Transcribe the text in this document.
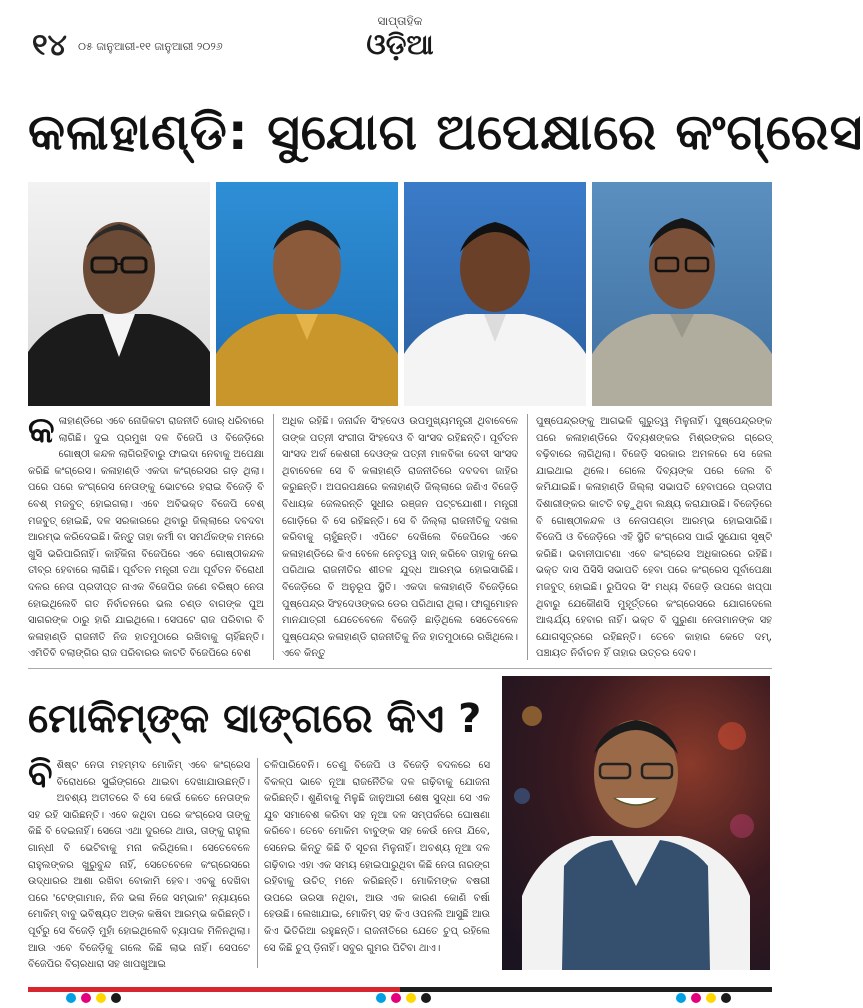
୧୪ ୦୫ ଜାନୁଆରୀ-୧୧ ଜାନୁଆରୀ ୨୦୨୬
ସାପ୍ତାହିକ
ଓଡ଼ିଆ
କଳାହାଣ୍ଡି: ସୁଯୋଗ ଅପେକ୍ଷାରେ କଂଗ୍ରେସ
କ ଳାହାଣ୍ଡିରେ ଏବେ ନୋଜିକଟା ରାଜନୀତି ଜୋର୍ ଧରିବାରେ ଲାଗିଛି। ଦୁଇ ପ୍ରମୁଖ ଦଳ ବିଜେପି ଓ ବିଜେଡ଼ିରେ ଗୋଷ୍ଠୀ କନ୍ଦଳ ଲାଗିରହିବାରୁ ଫାଇଦା ନେବାକୁ ଅପେକ୍ଷା କରିଛି କଂଗ୍ରେସ। କଳାହାଣ୍ଡି ଏକଦା କଂଗ୍ରେସର ଗଡ଼ ଥିଲା। ପରେ ପରେ କଂଗ୍ରେସ ନେତାଙ୍କୁ ଭୋଟରେ ହରାଇ ବିଜେଡ଼ି ବି ବେଶ୍ ମଜବୁତ୍ ହୋଇଗଲା। ଏବେ ଅବିଭକ୍ତ ବିଜେପି ବେଶ୍ ମଜବୁତ୍ ହୋଇଛି, ଦଳ ସରକାରରେ ଥିବାରୁ ଜିଲ୍ଲାରେ ଦବଦବା ଆରମ୍ଭ କରିଦେଇଛି। କିନ୍ତୁ ତାହା କର୍ମୀ ବା ସମର୍ଥକଙ୍କ ମନରେ ଖୁସି ଭରିପାରିନାହିଁ। କାହିଁକିନା ବିଜେପିରେ ଏବେ ଗୋଷ୍ଠୀକନ୍ଦଳ ତୀବ୍ର ହେବାରେ ଲାଗିଛି। ପୂର୍ବତନ ମନ୍ତ୍ରୀ ତଥା ପୂର୍ବତନ ବିରୋଧୀ ଦଳର ନେତା ପ୍ରଦୀପ୍ତ ନାଏକ ବିଜେପିର ଜଣେ ବରିଷ୍ଠ ନେତା ହୋଇଥିଲେବି ଗତ ନିର୍ବାଚନରେ ଭଲ ଚଣ୍ଡ ବାଗଙ୍କ ପୁଅ ସାଗରଙ୍କ ଠାରୁ ହାରି ଯାଇଥିଲେ। ସେପଟେ ରାଜ ପରିବାର ବି କଳାହାଣ୍ଡି ରାଜନୀତି ନିଜ ହାତମୁଠାରେ ରଖିବାକୁ ଚାହିଁଛନ୍ତି। ଏମିତିବି ବଲାଙ୍ଗିର ରାଜ ପରିବାରର କାଟତି ବିଜେପିରେ ବେଶ
ଅଧିକ ରହିଛି। ଜନାର୍ଦ୍ଦନ ସିଂହଦେଓ ଉପମୁଖ୍ୟମନ୍ତ୍ରୀ ଥିବାବେଳେ ତାଙ୍କ ପତ୍ନୀ ସଂଗୀତା ସିଂହଦେଓ ବି ସାଂସଦ ରହିଛନ୍ତି। ପୂର୍ବତନ ସାଂସଦ ଅର୍କ କେଶରୀ ଦେଓଙ୍କ ପତ୍ନୀ ମାଳବିକା ଦେବୀ ସାଂସଦ ଥିବାବେଳେ ସେ ବି କଳାହାଣ୍ଡି ରାଜନୀତିରେ ଦବଦବା ଜାହିର କରୁଛନ୍ତି। ଅପରପକ୍ଷରେ କଳାହାଣ୍ଡି ଜିଲ୍ଲାରେ ଜଣିଏ ବିଜେଡ଼ି ବିଧାୟକ ଜେଲରନ୍ତି ସୁଧୀର ରଞ୍ଜନ ପଟ୍ଟଯୋଶୀ। ମନ୍ତ୍ରୀ ଗୋଡ଼ିରେ ବି ସେ ରହିଛନ୍ତି। ସେ ବି ଜିଲ୍ଲା ରାଜନୀତିକୁ ଦଖଲ କରିବାକୁ ଚାହୁଁଛନ୍ତି। ଏପିଟେ ଦେଖିଲେ ବିଜେପିରେ ଏବେ କଳାହାଣ୍ଡିରେ କିଏ ବେଳେ ନେତୃତ୍ୱ ଦାନ୍ କରିବେ ତାହାକୁ ନେଇ ପରିଥାଇ ରାଜନୀତିର ଶୀତଳ ଯୁଦ୍ଧ ଆରମ୍ଭ ହୋଇସାରିଛି। ବିଜେଡ଼ିରେ ବି ଅନୁରୂପ ସ୍ଥିତି। ଏକଦା କଳାହାଣ୍ଡି ବିଜେଡ଼ିରେ ପୁଷ୍ପେନ୍ଦ୍ର ସିଂହଦେଓଙ୍କର ଡେର ପରିଥାରା ଥିଲା। ଫାଗୁମୋହନ ମାନଯାତ୍ରୀ ଯେତେବେଳେ ବିଜେଡ଼ି ଛାଡ଼ିଥିଲେ ସେତେବେଳେ ପୁଷ୍ପେନ୍ଦ୍ର କଳାହାଣ୍ଡି ରାଜନୀତିକୁ ନିଜ ହାତମୁଠାରେ ରଖିଥିଲେ। ଏବେ କିନ୍ତୁ
ପୁଷ୍ପେନ୍ଦ୍ରଙ୍କୁ ଆଗଭଳି ଗୁରୁତ୍ୱ ମିଳୁନାହିଁ। ପୁଷ୍ପେନ୍ଦ୍ରଙ୍କ ପରେ କଳାହାଣ୍ଡିରେ ଦିବ୍ୟଶଙ୍କର ମିଶ୍ରଙ୍କର ଗ୍ରେଡ୍ ବଢ଼ିବାରେ ଲାଗିଥିଲା। ବିଜେଡ଼ି ସରକାର ଅମଳରେ ସେ ଜେଲ ଯାଇଥାଇ ଥିଲେ। ଗେଲେ ଦିବ୍ୟଙ୍କ ପରେ ଜେଲ ବି କମିଯାଇଛି। କଳାହାଣ୍ଡି ଜିଲ୍ଲା ସଭାପତି ହେବାପରେ ପ୍ରଦୀପ ଦିଶାରୀଙ୍କର କାଟତି ବଢ଼ୁଥିବା ଲକ୍ଷ୍ୟ କରାଯାଉଛି। ବିଜେଡ଼ିରେ ବି ଗୋଷ୍ଠୀକନ୍ଦଳ ଓ ନେତାପଣ୍ଡା ଆରମ୍ଭ ହୋଇସାରିଛି। ବିଜେପି ଓ ବିଜେଡ଼ିରେ ଏହି ସ୍ଥିତି କଂଗ୍ରେସ ପାଇଁ ସୁଯୋଗ ସୃଷ୍ଟି କରିଛି। ଭବାନୀପାଟଣା ଏବେ କଂଗ୍ରେସ ଅଧିକାରରେ ରହିଛି। ଭକ୍ତ ଦାସ ପିସିସି ସଭାପତି ହେବା ପରେ କଂଗ୍ରେସ ପୂର୍ବାପେକ୍ଷା ମଜବୁତ୍ ହୋଇଛି। ରୁପିଦର ସିଂ ମଧ୍ୟ ବିଜେଡ଼ି ଉପରେ ଖପ୍ପା ଥିବାରୁ ଯେକୌଣସି ମୁହୂର୍ତ୍ତରେ କଂଗ୍ରେସରେ ଯୋଗଦେଲେ ଆଶ୍ଚର୍ଯ୍ୟ ହେବାର ନାହିଁ। ଭକ୍ତ ବି ପୁରୁଣା ନେତାମାନଙ୍କ ସହ ଯୋଗସୂତ୍ରରେ ରହିଛନ୍ତି। ତେବେ କାହାର କେତେ ଦମ୍, ପଞ୍ଚାୟତ ନିର୍ବାଚନ ହିଁ ତାହାର ଉତ୍ତର ଦେବ।
ମୋକିମ୍‌ଙ୍କ ସାଙ୍ଗରେ କିଏ ?
ବି ଶିଷ୍ଟ ନେତା ମହମ୍ମଦ ମୋକିମ୍ ଏବେ କଂଗ୍ରେସ ବିରୋଧରେ ସୁଇଁଙ୍ଗରେ ଥାଇବା ଦେଖାଯାଉଛନ୍ତି। ଅବଶ୍ୟ ଅତୀତରେ ବି ସେ କେଉଁ କେତେ ନେତାଙ୍କ ସହ ରହି ସାରିଛନ୍ତି। ଏବେ କଥିବା ପରେ କଂଗ୍ରେସ ତାଙ୍କୁ କିଛି ବି ଦେଇନାହିଁ। ସେତୋ ଏଥା ଦୁରରେ ଥାଉ, ତାଙ୍କୁ ରାହୁଲ ଗାନ୍ଧୀ ବି ଭେଟିବାକୁ ମନା କରିଥିଲେ। ସେତେବେଳେ ରାହୁଲଙ୍କର ଖୁରୁବୁନ୍ଦ ନାହିଁ, ସେତେବେଳେ କଂଗ୍ରେସରେ ଉଦ୍ଧାରର ଆଶା ରଖିବା ବୋକାମି ହେବ। ଏବକୁ ଦେଖିବା ପରେ 'ଟେଙ୍ଗାମାନ, ନିଜ ଭଳା ନିଜେ ସମ୍ଭାଳ' ନ୍ୟାୟରେ ମୋକିମ୍ ବାବୁ ଭବିଷ୍ୟତ ଅଙ୍କ କଷିବା ଆରମ୍ଭ କରିଛନ୍ତି। ପୂର୍ବରୁ ସେ ବିଜେଡ଼ି ମୁହାଁ ହୋଇଥିଲେବି ବ୍ୟାପକ ମିଳିନଥିଲା। ଆଉ ଏବେ ବିଜେଡ଼ିକୁ ଗଲେ କିଛି ଲାଭ ନାହିଁ। ସେପଟେ ବିଜେପିର ବିଚାରଧାରା ସହ ଖାପଖୁଆଇ
ଚଳିପାରିବେନି। ତେଣୁ ବିଜେପି ଓ ବିଜେଡ଼ି ବଦଳରେ ସେ ବିକଳ୍ପ ଭାବେ ନୂଆ ରାଜନୈତିକ ଦଳ ଗଢ଼ିବାକୁ ଯୋଜନା କରିଛନ୍ତି। ଶୁଣିବାକୁ ମିଳୁଛି ଜାନୁଆରୀ ଶେଷ ସୁଦ୍ଧା ସେ ଏକ ଯୁବ ସମାବେଶ କରିବା ସହ ନୂଆ ଦଳ ସମ୍ପର୍କରେ ଘୋଷଣା କରିବେ। ତେବେ ମୋକିମ ବାବୁଙ୍କ ସହ କେଉଁ ନେତା ଯିବେ, ସେନେଇ କିନ୍ତୁ କିଛି ବି ସୂଚନା ମିଳୁନାହିଁ। ଅବଶ୍ୟ ନୂଆ ଦଳ ଗଢ଼ିବାର ଏହା ଏକ ସମୟ ହୋଇପାରୁଥିବା କିଛି ନେତା ନାରଙ୍ଗ ରହିବାକୁ ଉଚିତ୍ ମନେ କରିଛନ୍ତି। ମୋକିମଙ୍କ ବଷରୀ ଉପରେ ଉରସା ନଥିବା, ଆଉ ଏକ କାରଣ କୋଣି ବର୍ଷା ହେଉଛି। ଲେଖାଯାଇ, ମୋକିମ୍ ସହ କିଏ ଓପନଲି ଆସୁଛି ଆଉ କିଏ ଭିତିରିଆ ରହୁଛନ୍ତି। ରାଜନୀତିରେ ଯେତେ ଚୁପ୍ ରହିଲେ ସେ କିଛି ଚୁପ୍ ଡ଼ିନାହିଁ। ସବୁର ଗୁମର ପିଟିବା ଥାଏ।
